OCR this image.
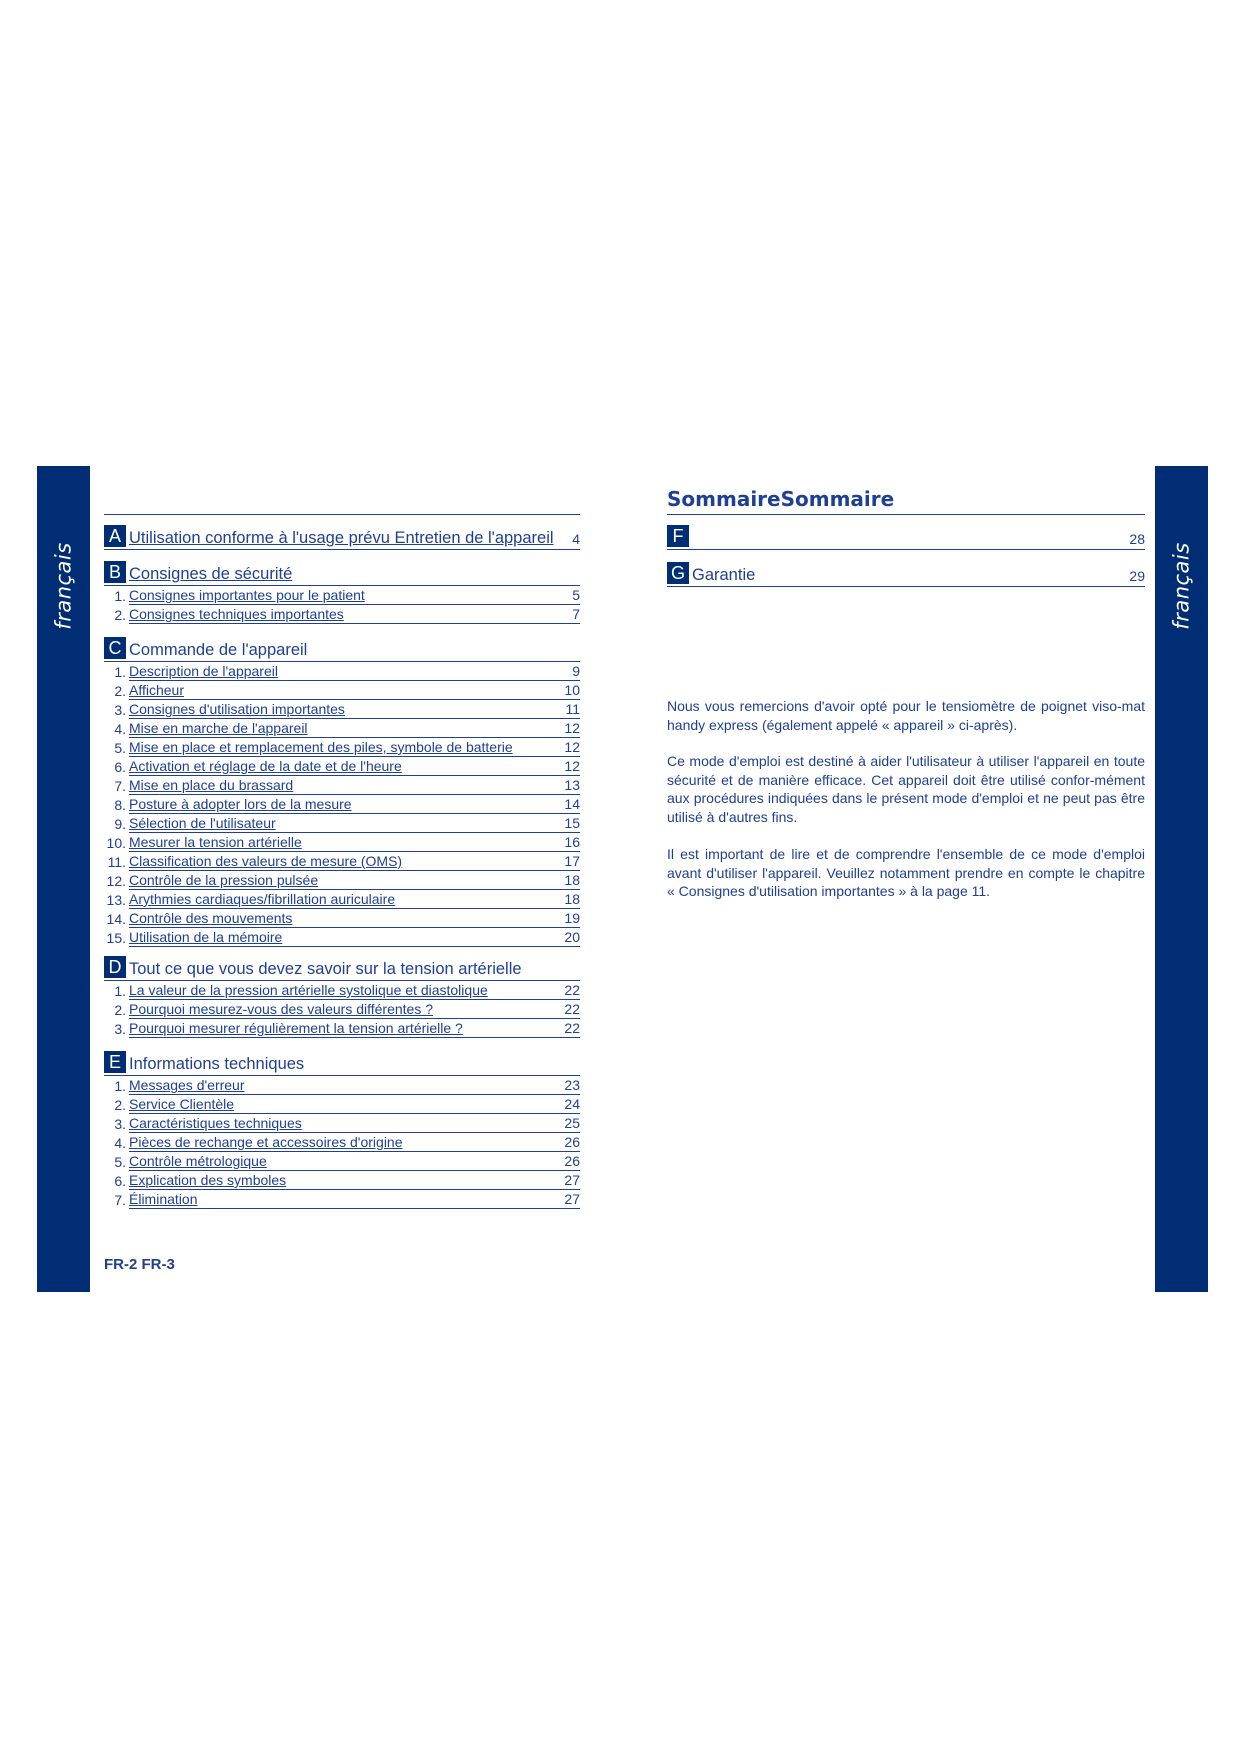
français	français
A Utilisation conforme à l'usage prévu Entretien de l'appareil	4
B Consignes de sécurité
1. Consignes importantes pour le patient	5
2. Consignes techniques importantes	7
C Commande de l'appareil
1. Description de l'appareil	9
2. Afficheur	10
3. Consignes d'utilisation importantes	11
4. Mise en marche de l'appareil	12
5. Mise en place et remplacement des piles, symbole de batterie	12
6. Activation et réglage de la date et de l'heure	12
7. Mise en place du brassard	13
8. Posture à adopter lors de la mesure	14
9. Sélection de l'utilisateur	15
10. Mesurer la tension artérielle	16
11. Classification des valeurs de mesure (OMS)	17
12. Contrôle de la pression pulsée	18
13. Arythmies cardiaques/fibrillation auriculaire	18
14. Contrôle des mouvements	19
15. Utilisation de la mémoire	20
D Tout ce que vous devez savoir sur la tension artérielle
1. La valeur de la pression artérielle systolique et diastolique	22
2. Pourquoi mesurez-vous des valeurs différentes ?	22
3. Pourquoi mesurer régulièrement la tension artérielle ?	22
E Informations techniques
1. Messages d'erreur	23
2. Service Clientèle	24
3. Caractéristiques techniques	25
4. Pièces de rechange et accessoires d'origine	26
5. Contrôle métrologique	26
6. Explication des symboles	27
7. Élimination	27
FR-2 FR-3
SommaireSommaire
F	28
G Garantie	29

Nous vous remercions d'avoir opté pour le tensiomètre de poignet viso-mat handy express (également appelé « appareil » ci-après).

Ce mode d'emploi est destiné à aider l'utilisateur à utiliser l'appareil en toute sécurité et de manière efficace. Cet appareil doit être utilisé confor-mément aux procédures indiquées dans le présent mode d'emploi et ne peut pas être utilisé à d'autres fins.

Il est important de lire et de comprendre l'ensemble de ce mode d'emploi avant d'utiliser l'appareil. Veuillez notamment prendre en compte le chapitre « Consignes d'utilisation importantes » à la page 11.
